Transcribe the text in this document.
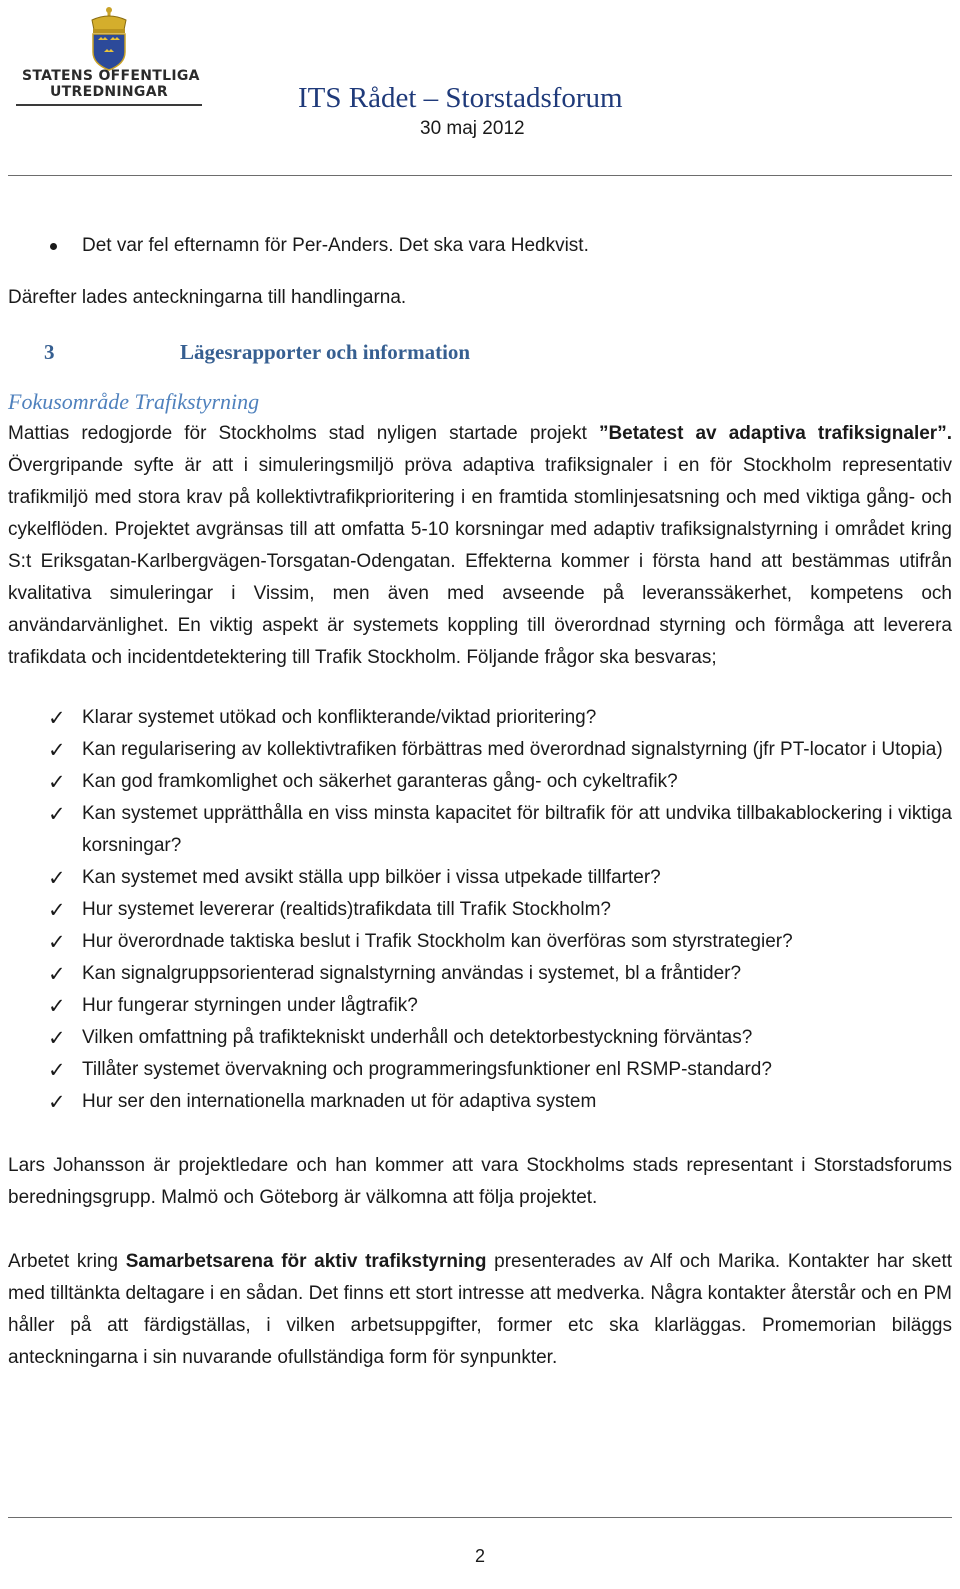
STATENS OFFENTLIGA
UTREDNINGAR	ITS Rådet – Storstadsforum
30 maj 2012
Det var fel efternamn för Per-Anders. Det ska vara Hedkvist.

Därefter lades anteckningarna till handlingarna.

3	Lägesrapporter och information
Fokusområde Trafikstyrning

Mattias redogjorde för Stockholms stad nyligen startade projekt ”Betatest av adaptiva trafiksignaler”. Övergripande syfte är att i simuleringsmiljö pröva adaptiva trafiksignaler i en för Stockholm representativ trafikmiljö med stora krav på kollektivtrafikprioritering i en framtida stomlinjesatsning och med viktiga gång- och cykelflöden. Projektet avgränsas till att omfatta 5-10 korsningar med adaptiv trafiksignalstyrning i området kring S:t Eriksgatan-Karlbergvägen-Torsgatan-Odengatan. Effekterna kommer i första hand att bestämmas utifrån kvalitativa simuleringar i Vissim, men även med avseende på leveranssäkerhet, kompetens och användarvänlighet. En viktig aspekt är systemets koppling till överordnad styrning och förmåga att leverera trafikdata och incidentdetektering till Trafik Stockholm. Följande frågor ska besvaras;

✓ Klarar systemet utökad och konflikterande/viktad prioritering?
✓ Kan regularisering av kollektivtrafiken förbättras med överordnad signalstyrning (jfr PT-locator i Utopia)
✓ Kan god framkomlighet och säkerhet garanteras gång- och cykeltrafik?
✓ Kan systemet upprätthålla en viss minsta kapacitet för biltrafik för att undvika tillbakablockering i viktiga korsningar?
✓ Kan systemet med avsikt ställa upp bilköer i vissa utpekade tillfarter?
✓ Hur systemet levererar (realtids)trafikdata till Trafik Stockholm?
✓ Hur överordnade taktiska beslut i Trafik Stockholm kan överföras som styrstrategier?
✓ Kan signalgruppsorienterad signalstyrning användas i systemet, bl a fråntider?
✓ Hur fungerar styrningen under lågtrafik?
✓ Vilken omfattning på trafiktekniskt underhåll och detektorbestyckning förväntas?
✓ Tillåter systemet övervakning och programmeringsfunktioner enl RSMP-standard?
✓ Hur ser den internationella marknaden ut för adaptiva system

Lars Johansson är projektledare och han kommer att vara Stockholms stads representant i Storstadsforums beredningsgrupp. Malmö och Göteborg är välkomna att följa projektet.

Arbetet kring Samarbetsarena för aktiv trafikstyrning presenterades av Alf och Marika. Kontakter har skett med tilltänkta deltagare i en sådan. Det finns ett stort intresse att medverka. Några kontakter återstår och en PM håller på att färdigställas, i vilken arbetsuppgifter, former etc ska klarläggas. Promemorian biläggs anteckningarna i sin nuvarande ofullständiga form för synpunkter.

2
